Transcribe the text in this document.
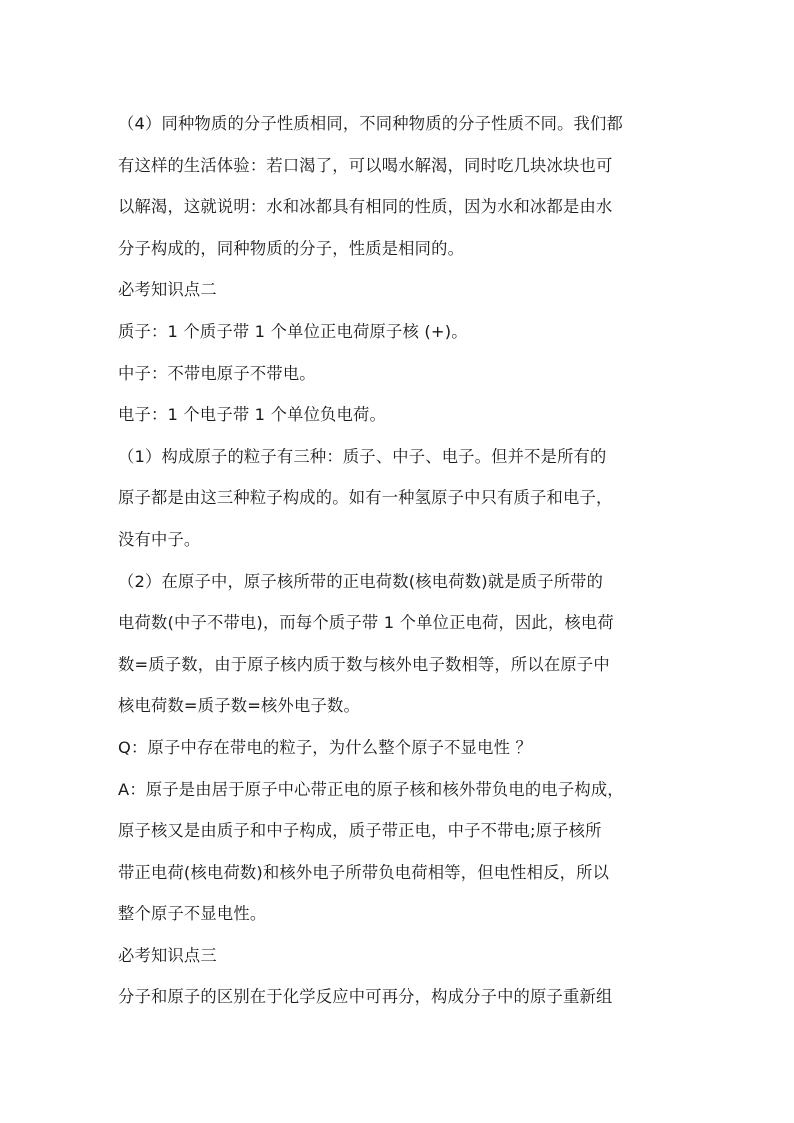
（4）同种物质的分子性质相同，不同种物质的分子性质不同。我们都
有这样的生活体验：若口渴了，可以喝水解渴，同时吃几块冰块也可
以解渴，这就说明：水和冰都具有相同的性质，因为水和冰都是由水
分子构成的，同种物质的分子，性质是相同的。
必考知识点二
质子：1 个质子带 1 个单位正电荷原子核 (+)。
中子：不带电原子不带电。
电子：1 个电子带 1 个单位负电荷。
（1）构成原子的粒子有三种：质子、中子、电子。但并不是所有的
原子都是由这三种粒子构成的。如有一种氢原子中只有质子和电子，
没有中子。
（2）在原子中，原子核所带的正电荷数(核电荷数)就是质子所带的
电荷数(中子不带电)，而每个质子带 1 个单位正电荷，因此，核电荷
数=质子数，由于原子核内质于数与核外电子数相等，所以在原子中
核电荷数=质子数=核外电子数。
Q：原子中存在带电的粒子，为什么整个原子不显电性 ？
A：原子是由居于原子中心带正电的原子核和核外带负电的电子构成，
原子核又是由质子和中子构成，质子带正电，中子不带电;原子核所
带正电荷(核电荷数)和核外电子所带负电荷相等，但电性相反，所以
整个原子不显电性。
必考知识点三
分子和原子的区别在于化学反应中可再分，构成分子中的原子重新组
